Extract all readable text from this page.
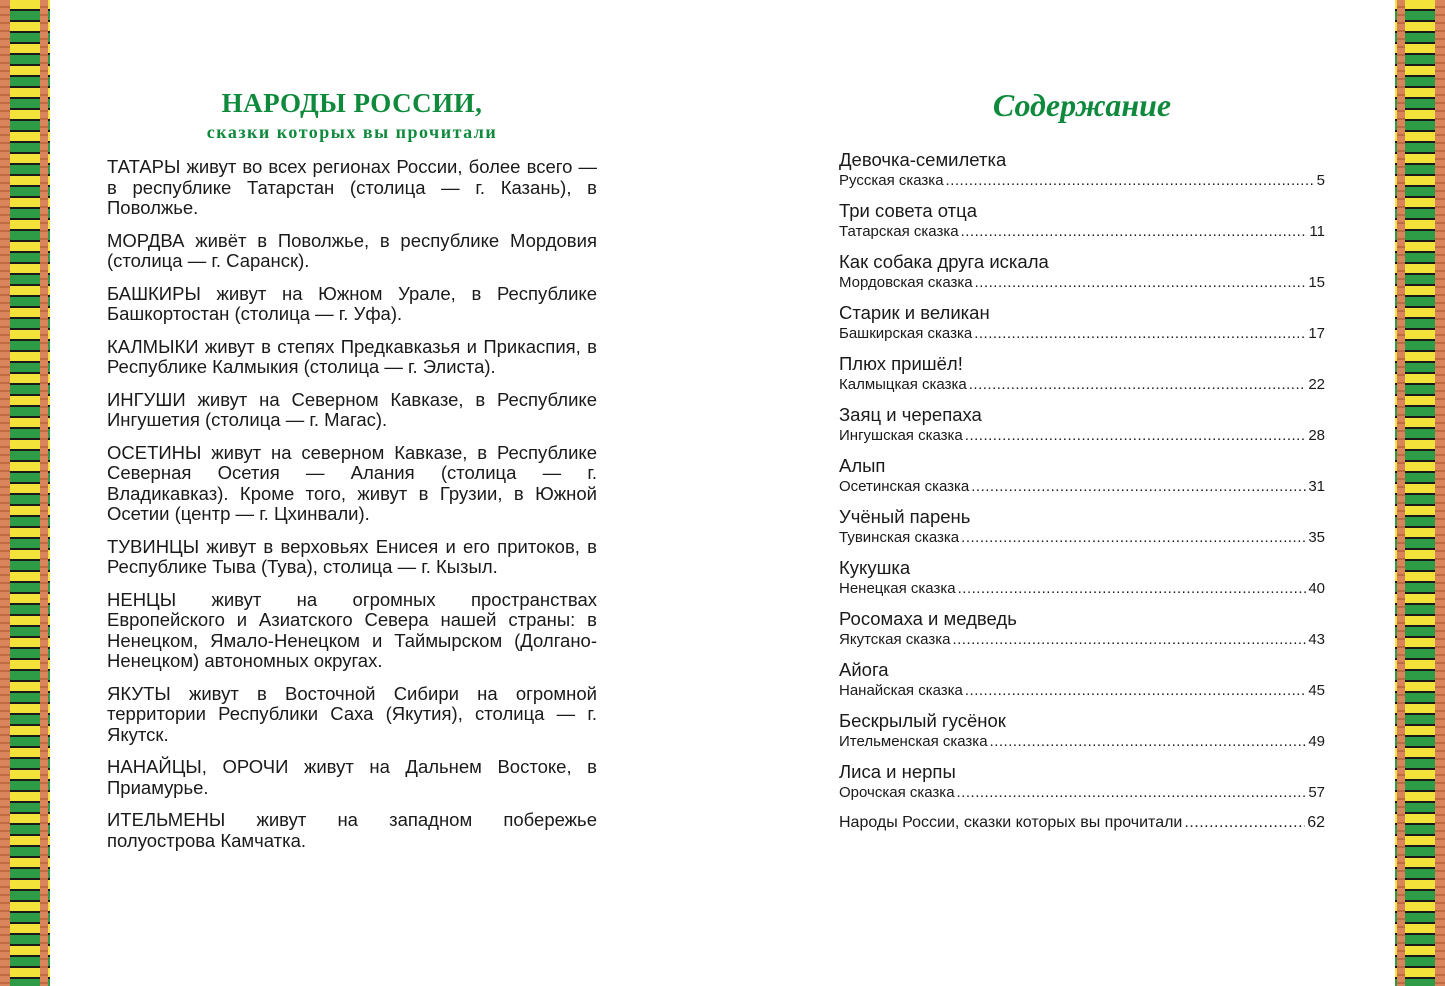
НАРОДЫ РОССИИ,
сказки которых вы прочитали

ТАТАРЫ живут во всех регионах России, более всего — в республике Татарстан (столица — г. Казань), в Поволжье.

МОРДВА живёт в Поволжье, в республике Мордовия (столица — г. Саранск).

БАШКИРЫ живут на Южном Урале, в Республике Башкортостан (столица — г. Уфа).

КАЛМЫКИ живут в степях Предкавказья и Прикаспия, в Республике Калмыкия (столица — г. Элиста).

ИНГУШИ живут на Северном Кавказе, в Республике Ингушетия (столица — г. Магас).

ОСЕТИНЫ живут на северном Кавказе, в Республике Северная Осетия — Алания (столица — г. Владикавказ). Кроме того, живут в Грузии, в Южной Осетии (центр — г. Цхинвали).

ТУВИНЦЫ живут в верховьях Енисея и его притоков, в Республике Тыва (Тува), столица — г. Кызыл.

НЕНЦЫ живут на огромных пространствах Европейского и Азиатского Севера нашей страны: в Ненецком, Ямало-Ненецком и Таймырском (Долгано-Ненецком) автономных округах.

ЯКУТЫ живут в Восточной Сибири на огромной территории Республики Саха (Якутия), столица — г. Якутск.

НАНАЙЦЫ, ОРОЧИ живут на Дальнем Востоке, в Приамурье.

ИТЕЛЬМЕНЫ живут на западном побережье полуострова Камчатка.

Содержание
Девочка-семилетка
Русская сказка .....	5
Три совета отца
Татарская сказка .....	11
Как собака друга искала
Мордовская сказка .....	15
Старик и великан
Башкирская сказка .....	17
Плюх пришёл!
Калмыцкая сказка .....	22
Заяц и черепаха
Ингушская сказка .....	28
Алып
Осетинская сказка .....	31
Учёный парень
Тувинская сказка .....	35
Кукушка
Ненецкая сказка .....	40
Росомаха и медведь
Якутская сказка .....	43
Айога
Нанайская сказка .....	45
Бескрылый гусёнок
Ительменская сказка .....	49
Лиса и нерпы
Орочская сказка .....	57
Народы России, сказки которых вы прочитали .....	62
